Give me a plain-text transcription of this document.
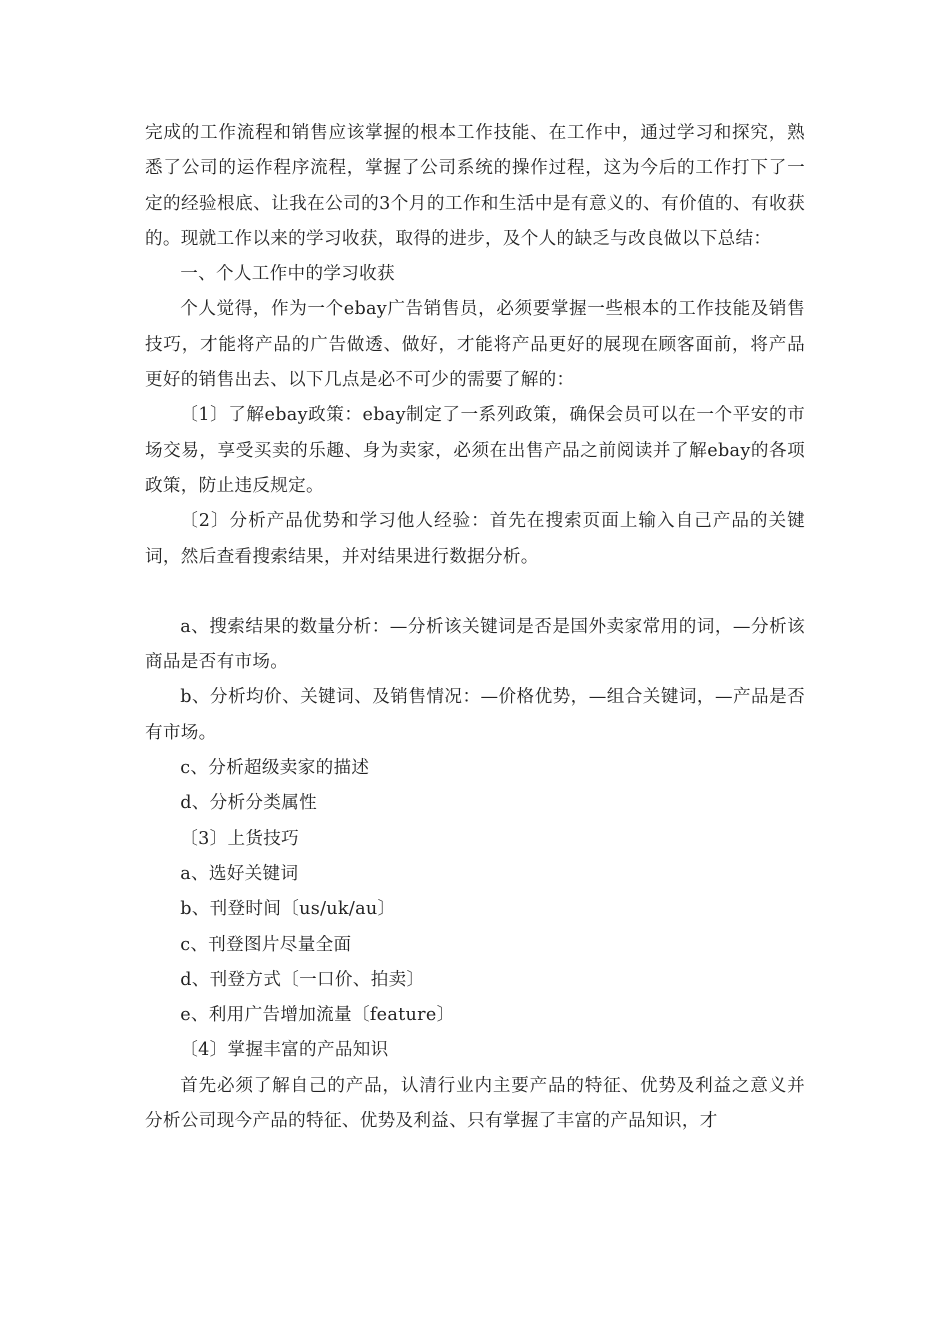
完成的工作流程和销售应该掌握的根本工作技能、在工作中，通过学习和探究，熟悉了公司的运作程序流程，掌握了公司系统的操作过程，这为今后的工作打下了一定的经验根底、让我在公司的3个月的工作和生活中是有意义的、有价值的、有收获的。现就工作以来的学习收获，取得的进步，及个人的缺乏与改良做以下总结：

一、个人工作中的学习收获

个人觉得，作为一个ebay广告销售员，必须要掌握一些根本的工作技能及销售技巧，才能将产品的广告做透、做好，才能将产品更好的展现在顾客面前，将产品更好的销售出去、以下几点是必不可少的需要了解的：

〔1〕了解ebay政策：ebay制定了一系列政策，确保会员可以在一个平安的市场交易，享受买卖的乐趣、身为卖家，必须在出售产品之前阅读并了解ebay的各项政策，防止违反规定。

〔2〕分析产品优势和学习他人经验：首先在搜索页面上输入自己产品的关键词，然后查看搜索结果，并对结果进行数据分析。

a、搜索结果的数量分析：—分析该关键词是否是国外卖家常用的词，—分析该商品是否有市场。

b、分析均价、关键词、及销售情况：—价格优势，—组合关键词，—产品是否有市场。

c、分析超级卖家的描述

d、分析分类属性

〔3〕上货技巧

a、选好关键词

b、刊登时间〔us/uk/au〕

c、刊登图片尽量全面

d、刊登方式〔一口价、拍卖〕

e、利用广告增加流量〔feature〕

〔4〕掌握丰富的产品知识

首先必须了解自己的产品，认清行业内主要产品的特征、优势及利益之意义并分析公司现今产品的特征、优势及利益、只有掌握了丰富的产品知识，才
